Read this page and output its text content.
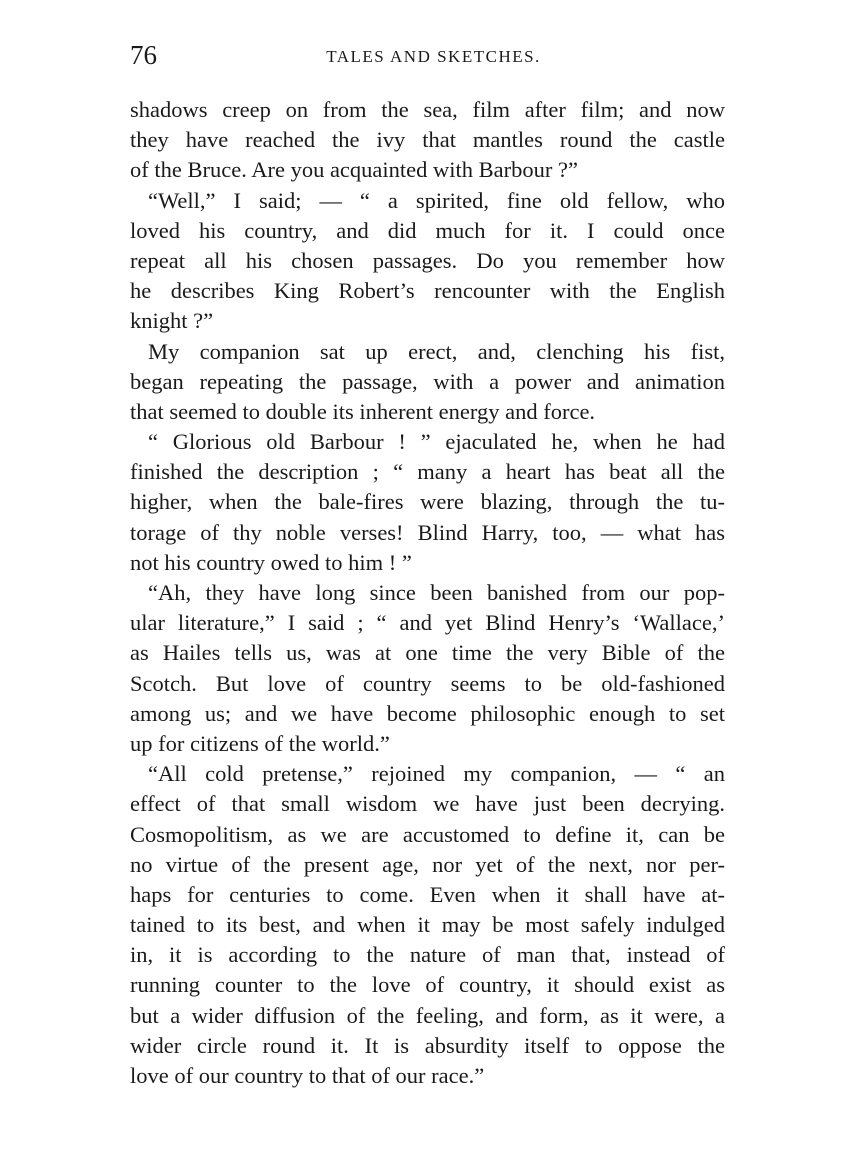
76	TALES AND SKETCHES.
shadows creep on from the sea, film after film; and now
they have reached the ivy that mantles round the castle
of the Bruce. Are you acquainted with Barbour ?”
“Well,” I said; — “ a spirited, fine old fellow, who
loved his country, and did much for it. I could once
repeat all his chosen passages. Do you remember how
he describes King Robert’s rencounter with the English
knight ?”
My companion sat up erect, and, clenching his fist,
began repeating the passage, with a power and animation
that seemed to double its inherent energy and force.
“ Glorious old Barbour ! ” ejaculated he, when he had
finished the description ; “ many a heart has beat all the
higher, when the bale-fires were blazing, through the tu-
torage of thy noble verses! Blind Harry, too, — what has
not his country owed to him ! ”
“Ah, they have long since been banished from our pop-
ular literature,” I said ; “ and yet Blind Henry’s ‘Wallace,’
as Hailes tells us, was at one time the very Bible of the
Scotch. But love of country seems to be old-fashioned
among us; and we have become philosophic enough to set
up for citizens of the world.”
“All cold pretense,” rejoined my companion, — “ an
effect of that small wisdom we have just been decrying.
Cosmopolitism, as we are accustomed to define it, can be
no virtue of the present age, nor yet of the next, nor per-
haps for centuries to come. Even when it shall have at-
tained to its best, and when it may be most safely indulged
in, it is according to the nature of man that, instead of
running counter to the love of country, it should exist as
but a wider diffusion of the feeling, and form, as it were, a
wider circle round it. It is absurdity itself to oppose the
love of our country to that of our race.”
